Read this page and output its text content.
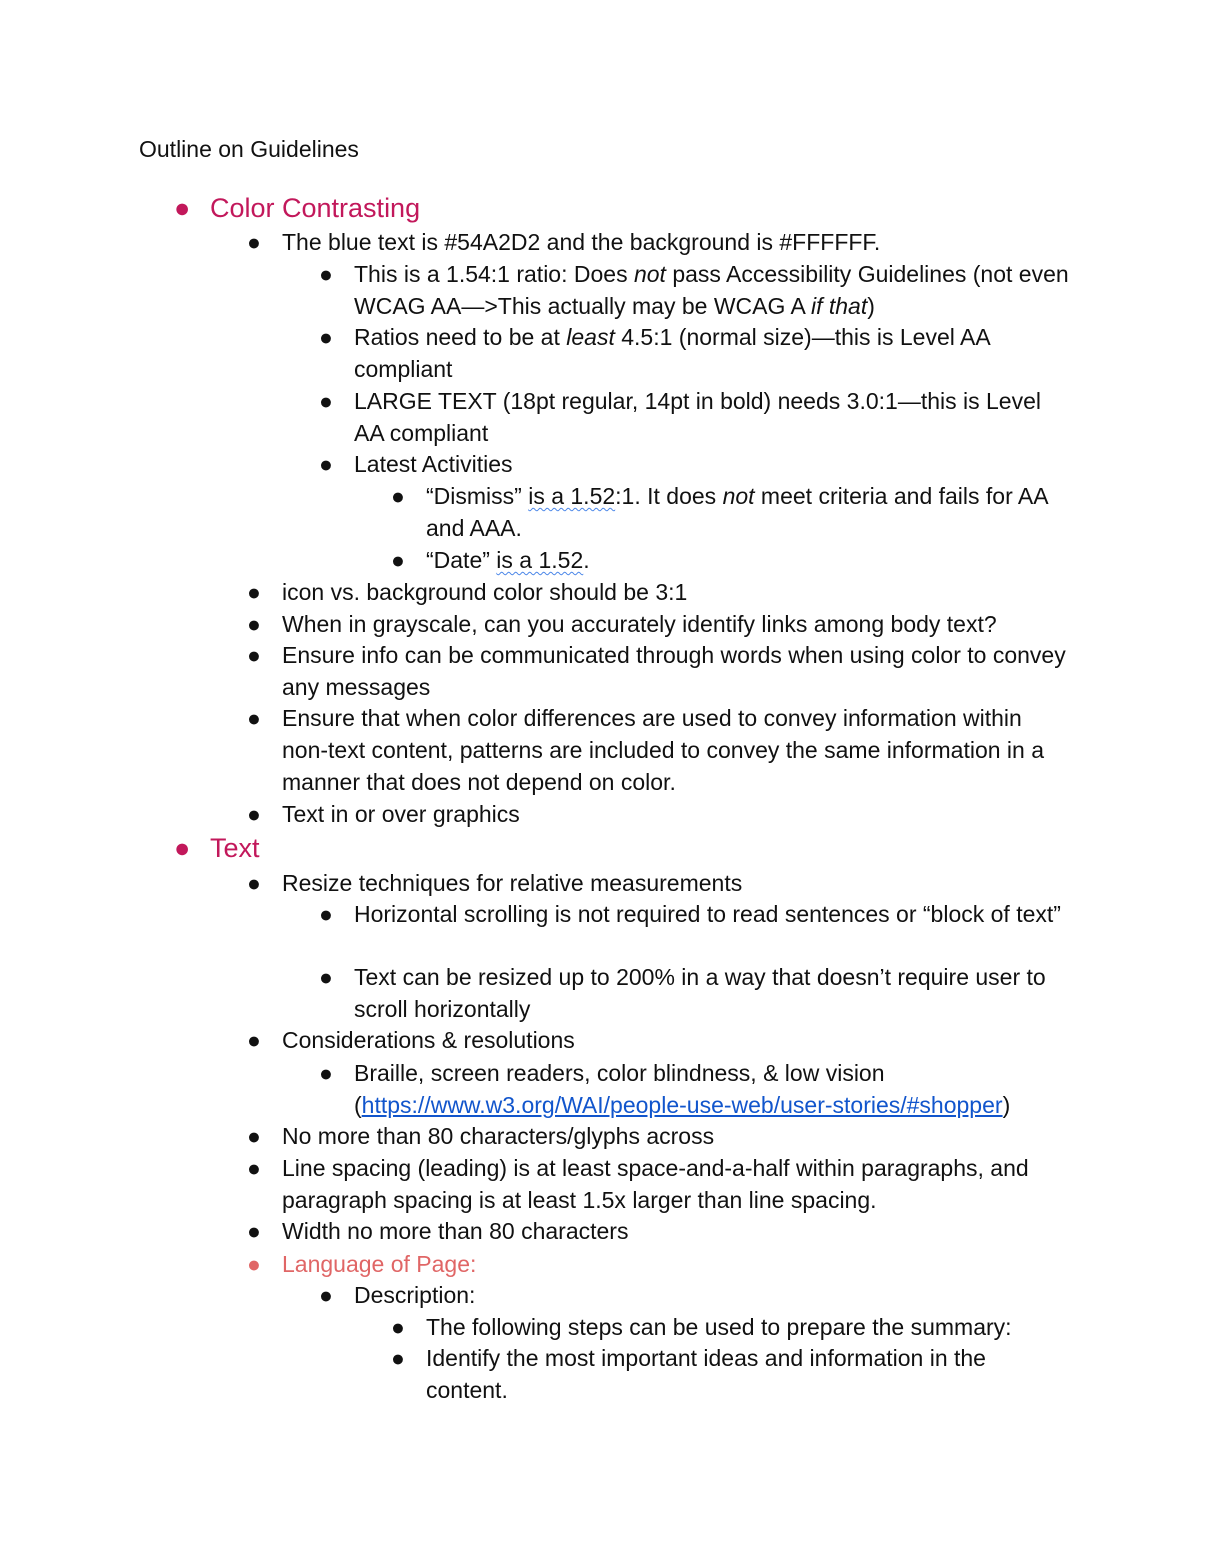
Outline on Guidelines
● Color Contrasting
● The blue text is #54A2D2 and the background is #FFFFFF.
● This is a 1.54:1 ratio: Does not pass Accessibility Guidelines (not even WCAG AA—>This actually may be WCAG A if that)
● Ratios need to be at least 4.5:1 (normal size)—this is Level AA compliant
● LARGE TEXT (18pt regular, 14pt in bold) needs 3.0:1—this is Level AA compliant
● Latest Activities
● “Dismiss” is a 1.52:1. It does not meet criteria and fails for AA and AAA.
● “Date” is a 1.52.
● icon vs. background color should be 3:1
● When in grayscale, can you accurately identify links among body text?
● Ensure info can be communicated through words when using color to convey any messages
● Ensure that when color differences are used to convey information within non-text content, patterns are included to convey the same information in a manner that does not depend on color.
● Text in or over graphics
● Text
● Resize techniques for relative measurements
● Horizontal scrolling is not required to read sentences or “block of text”
● Text can be resized up to 200% in a way that doesn’t require user to scroll horizontally
● Considerations & resolutions
● Braille, screen readers, color blindness, & low vision
(https://www.w3.org/WAI/people-use-web/user-stories/#shopper)
● No more than 80 characters/glyphs across
● Line spacing (leading) is at least space-and-a-half within paragraphs, and paragraph spacing is at least 1.5x larger than line spacing.
● Width no more than 80 characters
● Language of Page:
● Description:
● The following steps can be used to prepare the summary:
● Identify the most important ideas and information in the content.
